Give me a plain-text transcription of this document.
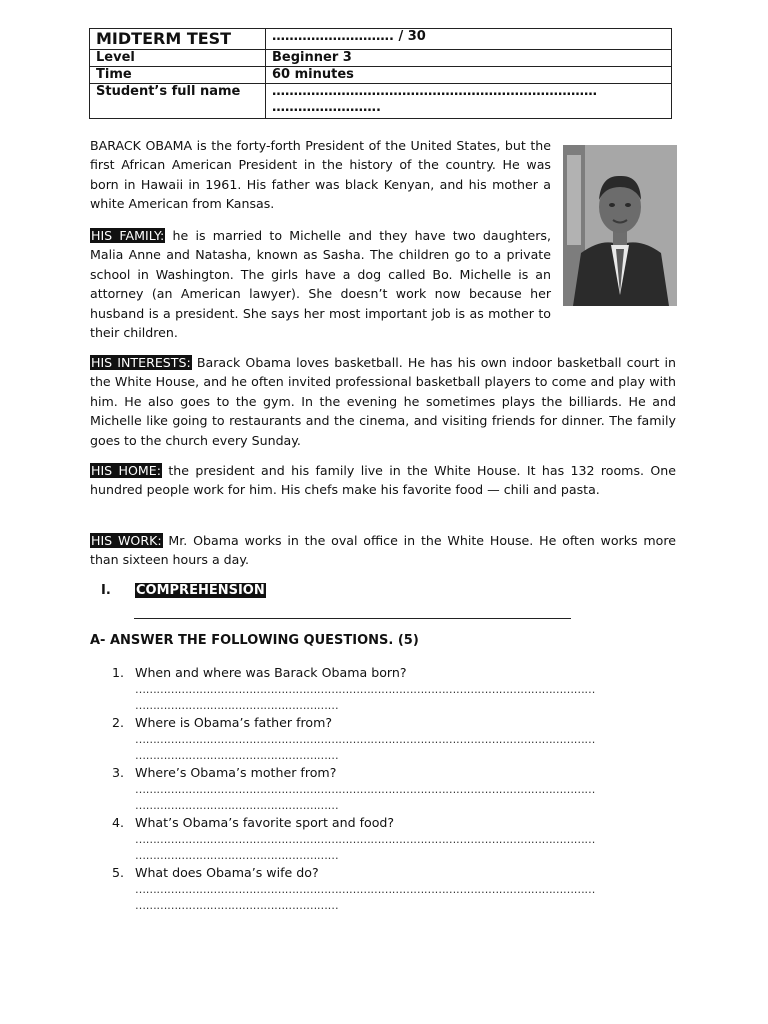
MIDTERM TEST	………………………. / 30
Level	Beginner 3
Time	60 minutes
Student’s full name	…………………………………………………………………
…………………….

BARACK OBAMA is the forty-forth President of the United States, but the first African American President in the history of the country. He was born in Hawaii in 1961. His father was black Kenyan, and his mother a white American from Kansas.

HIS FAMILY: he is married to Michelle and they have two daughters, Malia Anne and Natasha, known as Sasha. The children go to a private school in Washington. The girls have a dog called Bo. Michelle is an attorney (an American lawyer). She doesn’t work now because her husband is a president. She says her most important job is as mother to their children.

HIS INTERESTS: Barack Obama loves basketball. He has his own indoor basketball court in the White House, and he often invited professional basketball players to come and play with him. He also goes to the gym. In the evening he sometimes plays the billiards. He and Michelle like going to restaurants and the cinema, and visiting friends for dinner. The family goes to the church every Sunday.

HIS HOME: the president and his family live in the White House. It has 132 rooms. One hundred people work for him. His chefs make his favorite food — chili and pasta.

HIS WORK: Mr. Obama works in the oval office in the White House. He often works more than sixteen hours a day.

I. COMPREHENSION
A- ANSWER THE FOLLOWING QUESTIONS. (5)
1. When and where was Barack Obama born?
…………………………………………………………………………………………………………………
…………………………………………………
2. Where is Obama’s father from?
…………………………………………………………………………………………………………………
…………………………………………………
3. Where’s Obama’s mother from?
…………………………………………………………………………………………………………………
…………………………………………………
4. What’s Obama’s favorite sport and food?
…………………………………………………………………………………………………………………
…………………………………………………
5. What does Obama’s wife do?
…………………………………………………………………………………………………………………
…………………………………………………
